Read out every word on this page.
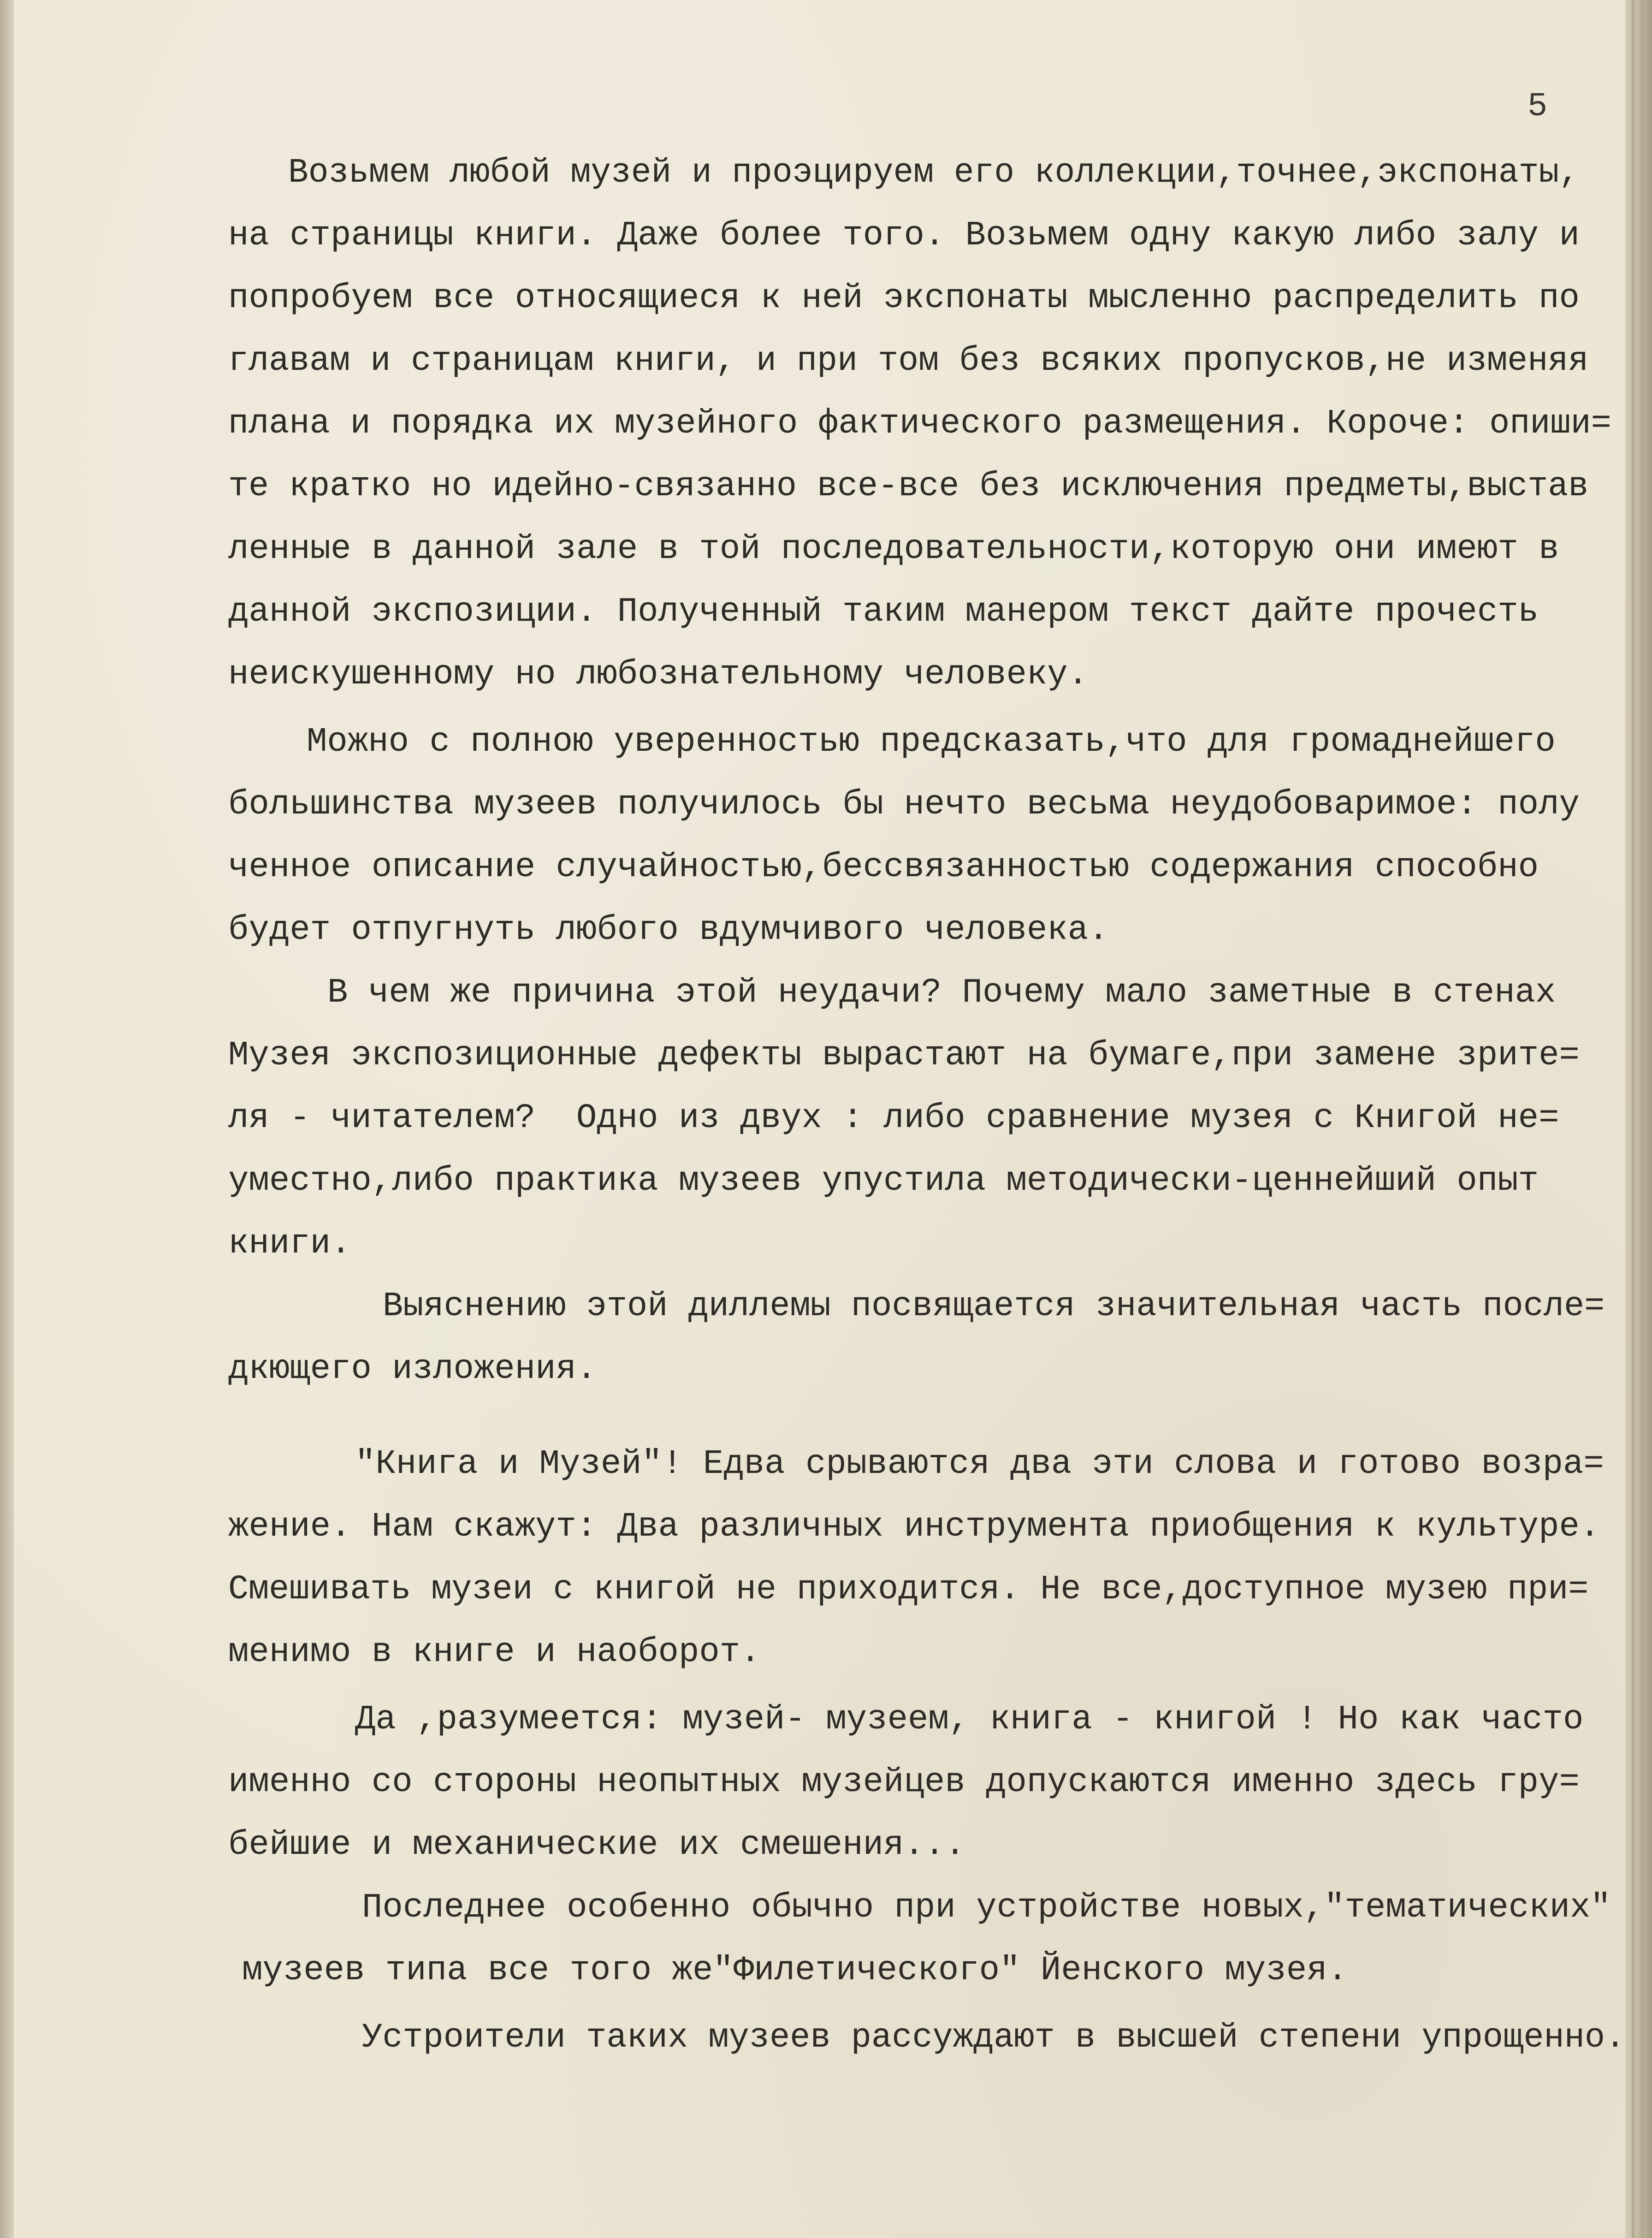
5
Возьмем любой музей и проэцируем его коллекции,точнее,экспонаты,
на страницы книги. Даже более того. Возьмем одну какую либо залу и
попробуем все относящиеся к ней экспонаты мысленно распределить по
главам и страницам книги, и при том без всяких пропусков,не изменяя
плана и порядка их музейного фактического размещения. Короче: опиши=
те кратко но идейно-связанно все-все без исключения предметы,выстав
ленные в данной зале в той последовательности,которую они имеют в
данной экспозиции. Полученный таким манером текст дайте прочесть
неискушенному но любознательному человеку.
Можно с полною уверенностью предсказать,что для громаднейшего
большинства музеев получилось бы нечто весьма неудобоваримое: полу
ченное описание случайностью,бессвязанностью содержания способно
будет отпугнуть любого вдумчивого человека.
В чем же причина этой неудачи? Почему мало заметные в стенах
Музея экспозиционные дефекты вырастают на бумаге,при замене зрите=
ля - читателем?  Одно из двух : либо сравнение музея с Книгой не=
уместно,либо практика музеев упустила методически-ценнейший опыт
книги.
Выяснению этой диллемы посвящается значительная часть после=
дкющего изложения.
"Книга и Музей"! Едва срываются два эти слова и готово возра=
жение. Нам скажут: Два различных инструмента приобщения к культуре.
Смешивать музеи с книгой не приходится. Не все,доступное музею при=
менимо в книге и наоборот.
Да ,разумеется: музей- музеем, книга - книгой ! Но как часто
именно со стороны неопытных музейцев допускаются именно здесь гру=
бейшие и механические их смешения...
Последнее особенно обычно при устройстве новых,"тематических"
музеев типа все того же"Филетического" Йенского музея.
Устроители таких музеев рассуждают в высшей степени упрощенно.
